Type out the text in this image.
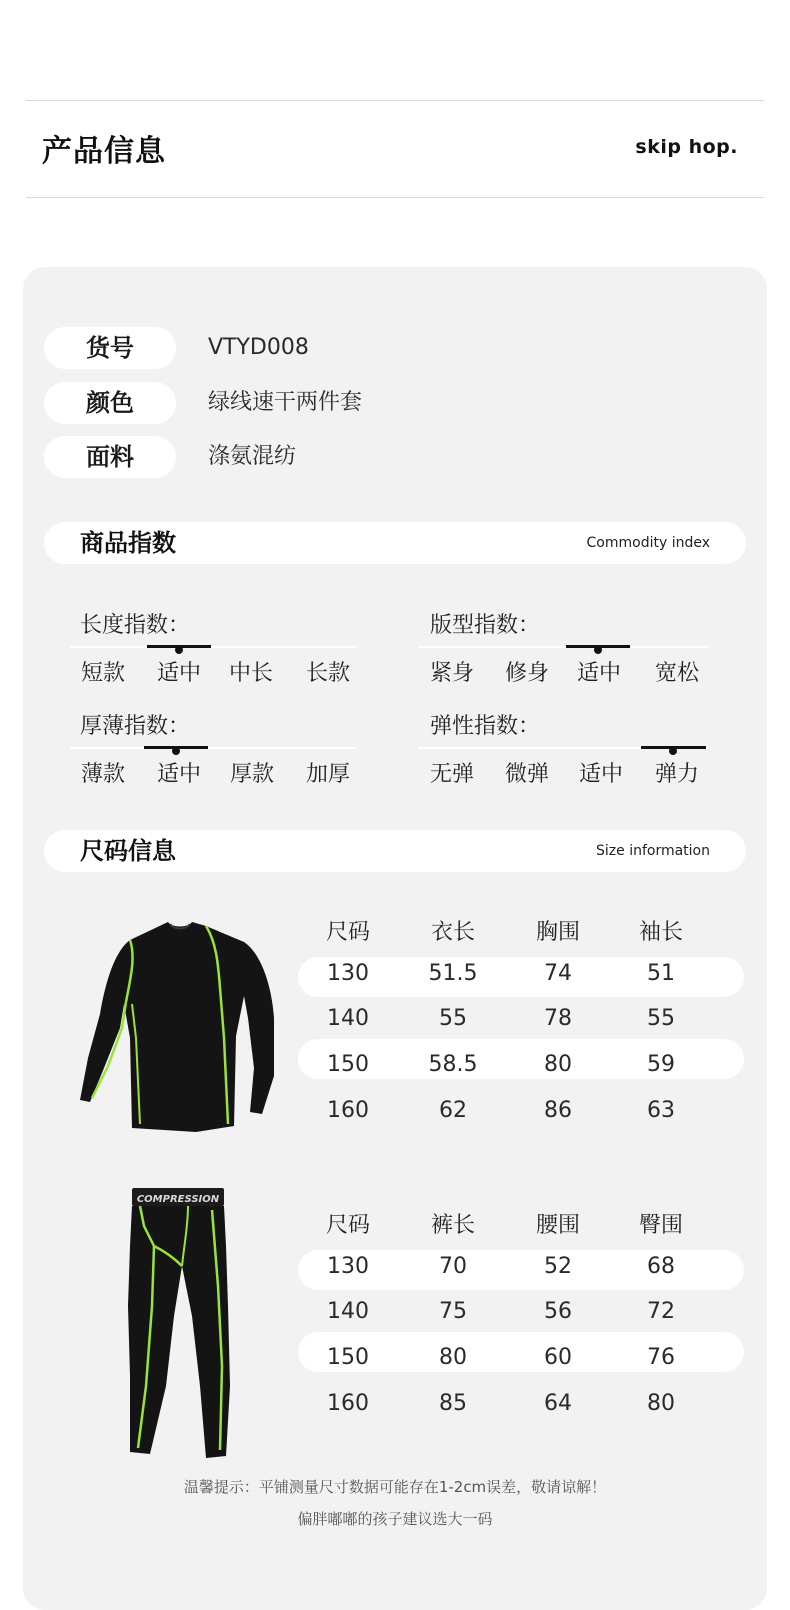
产品信息	skip hop.
货号	VTYD008
颜色	绿线速干两件套
面料	涤氨混纺
商品指数	Commodity index
长度指数：
短款	适中	中长	长款
版型指数：
紧身	修身	适中	宽松
厚薄指数：
薄款	适中	厚款	加厚
弹性指数：
无弹	微弹	适中	弹力
尺码信息	Size information
尺码	衣长	胸围	袖长
130	51.5	74	51
140	55	78	55
150	58.5	80	59
160	62	86	63
COMPRESSION
尺码	裤长	腰围	臀围
130	70	52	68
140	75	56	72
150	80	60	76
160	85	64	80
温馨提示：平铺测量尺寸数据可能存在1-2cm误差，敬请谅解！
偏胖嘟嘟的孩子建议选大一码
